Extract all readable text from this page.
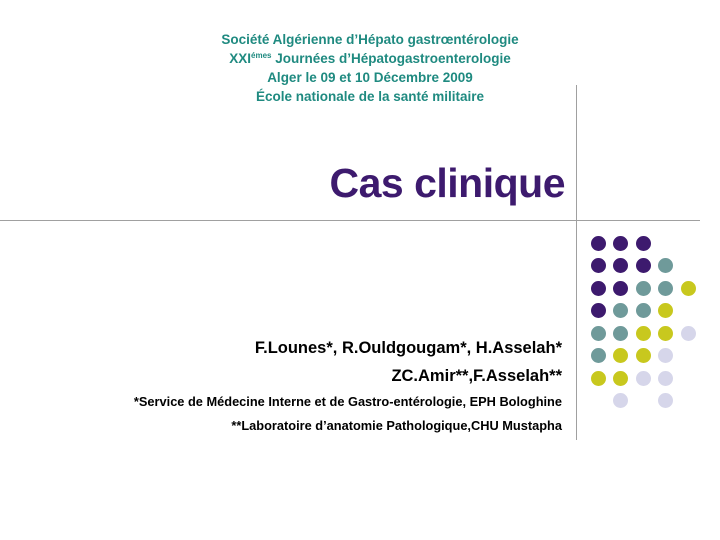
Société Algérienne d’Hépato gastrœntérologie
$XXI^{émes}$ Journées d’Hépatogastroenterologie
Alger le 09 et 10 Décembre 2009
École nationale de la santé militaire
Cas clinique
F.Lounes*, R.Ouldgougam*, H.Asselah*
ZC.Amir**,F.Asselah**
*Service de Médecine Interne et de Gastro-entérologie, EPH Bologhine
**Laboratoire d’anatomie Pathologique,CHU Mustapha
